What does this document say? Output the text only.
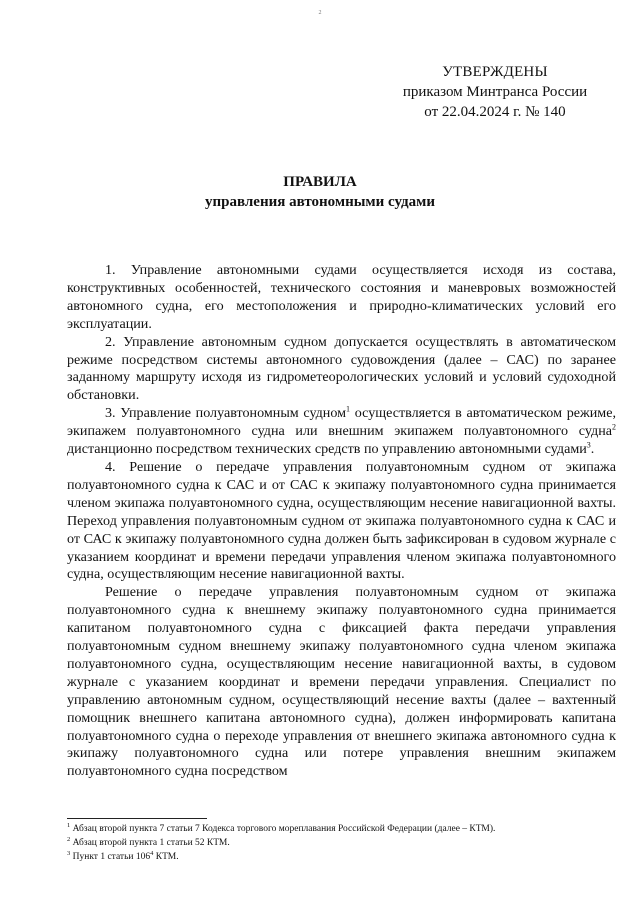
2
УТВЕРЖДЕНЫ
приказом Минтранса России
от 22.04.2024 г. № 140
ПРАВИЛА
управления автономными судами

1. Управление автономными судами осуществляется исходя из состава, конструктивных особенностей, технического состояния и маневровых возможностей автономного судна, его местоположения и природно-климатических условий его эксплуатации.

2. Управление автономным судном допускается осуществлять в автоматическом режиме посредством системы автономного судовождения (далее – САС) по заранее заданному маршруту исходя из гидрометеорологических условий и условий судоходной обстановки.

3. Управление полуавтономным судном$^1$ осуществляется в автоматическом режиме, экипажем полуавтономного судна или внешним экипажем полуавтономного судна$^2$ дистанционно посредством технических средств по управлению автономными судами$^3$.

4. Решение о передаче управления полуавтономным судном от экипажа полуавтономного судна к САС и от САС к экипажу полуавтономного судна принимается членом экипажа полуавтономного судна, осуществляющим несение навигационной вахты. Переход управления полуавтономным судном от экипажа полуавтономного судна к САС и от САС к экипажу полуавтономного судна должен быть зафиксирован в судовом журнале с указанием координат и времени передачи управления членом экипажа полуавтономного судна, осуществляющим несение навигационной вахты.

Решение о передаче управления полуавтономным судном от экипажа полуавтономного судна к внешнему экипажу полуавтономного судна принимается капитаном полуавтономного судна с фиксацией факта передачи управления полуавтономным судном внешнему экипажу полуавтономного судна членом экипажа полуавтономного судна, осуществляющим несение навигационной вахты, в судовом журнале с указанием координат и времени передачи управления. Специалист по управлению автономным судном, осуществляющий несение вахты (далее – вахтенный помощник внешнего капитана автономного судна), должен информировать капитана полуавтономного судна о переходе управления от внешнего экипажа автономного судна к экипажу полуавтономного судна или потере управления внешним экипажем полуавтономного судна посредством

$^1$ Абзац второй пункта 7 статьи 7 Кодекса торгового мореплавания Российской Федерации (далее – КТМ).
$^2$ Абзац второй пункта 1 статьи 52 КТМ.
$^3$ Пункт 1 статьи $106^4$ КТМ.
